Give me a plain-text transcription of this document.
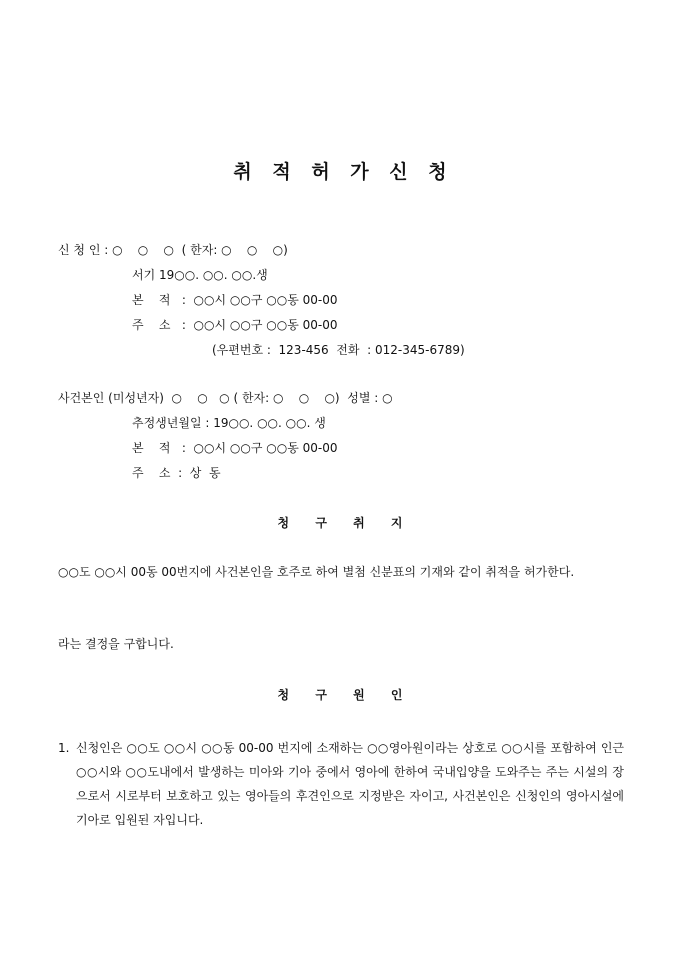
취 적 허 가 신 청
신 청 인 : ○    ○    ○  ( 한자: ○    ○    ○)
서기 19○○. ○○. ○○.생
본    적   :  ○○시 ○○구 ○○동 00-00
주    소   :  ○○시 ○○구 ○○동 00-00
(우편번호 :  123-456  전화  : 012-345-6789)
사건본인 (미성년자)  ○    ○   ○ ( 한자: ○    ○    ○)  성별 : ○
추정생년월일 : 19○○. ○○. ○○. 생
본    적   :  ○○시 ○○구 ○○동 00-00
주    소  :  상  동
청 구 취 지
○○도 ○○시 00동 00번지에 사건본인을 호주로 하여 별첨 신분표의 기재와 같이 취적을 허가한다.
라는 결정을 구합니다.
청 구 원 인
1. 신청인은 ○○도 ○○시 ○○동 00-00 번지에 소재하는 ○○영아원이라는 상호로 ○○시를 포함하여 인근 ○○시와 ○○도내에서 발생하는 미아와 기아 중에서 영아에 한하여 국내입양을 도와주는 주는 시설의 장으로서 시로부터 보호하고 있는 영아들의 후견인으로 지정받은 자이고, 사건본인은 신청인의 영아시설에 기아로 입원된 자입니다.
